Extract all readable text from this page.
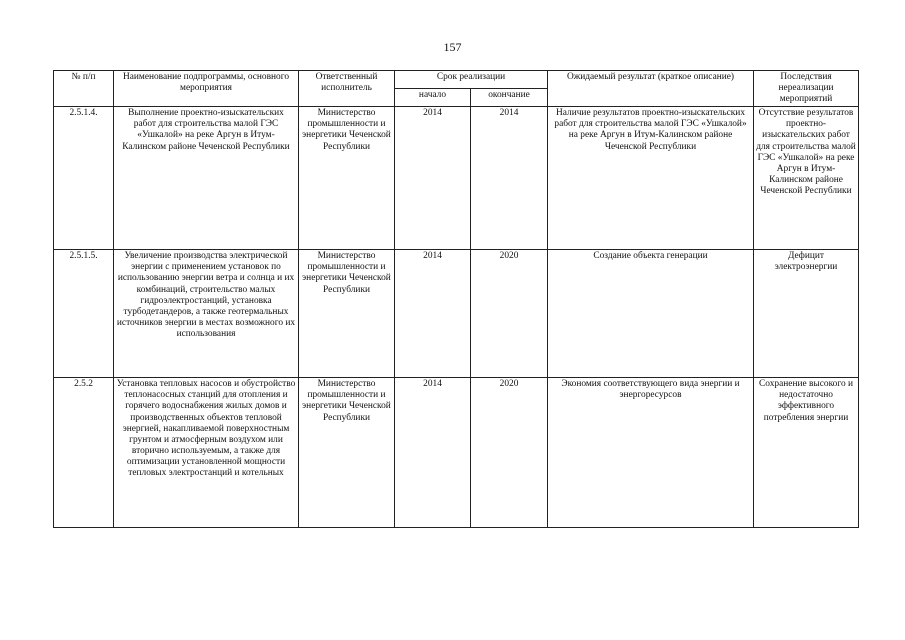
157
№ п/п	Наименование подпрограммы, основного мероприятия	Ответственный исполнитель	Срок реализации		Ожидаемый результат (краткое описание)	Последствия нереализации мероприятий
			начало	окончание		
2.5.1.4.	Выполнение проектно-изыскательских работ для строительства малой ГЭС «Ушкалой» на реке Аргун в Итум-Калинском районе Чеченской Республики	Министерство промышленности и энергетики Чеченской Республики	2014	2014	Наличие результатов проектно-изыскательских работ для строительства малой ГЭС «Ушкалой» на реке Аргун в Итум-Калинском районе Чеченской Республики	Отсутствие результатов проектно-изыскательских работ для строительства малой ГЭС «Ушкалой» на реке Аргун в Итум-Калинском районе Чеченской Республики
2.5.1.5.	Увеличение производства электрической энергии с применением установок по использованию энергии ветра и солнца и их комбинаций, строительство малых гидроэлектростанций, установка турбодетандеров, а также геотермальных источников энергии в местах возможного их использования	Министерство промышленности и энергетики Чеченской Республики	2014	2020	Создание объекта генерации	Дефицит электроэнергии
2.5.2	Установка тепловых насосов и обустройство теплонасосных станций для отопления и горячего водоснабжения жилых домов и производственных объектов тепловой энергией, накапливаемой поверхностным грунтом и атмосферным воздухом или вторично используемым, а также для оптимизации установленной мощности тепловых электростанций и котельных	Министерство промышленности и энергетики Чеченской Республики	2014	2020	Экономия соответствующего вида энергии и энергоресурсов	Сохранение высокого и недостаточно эффективного потребления энергии
